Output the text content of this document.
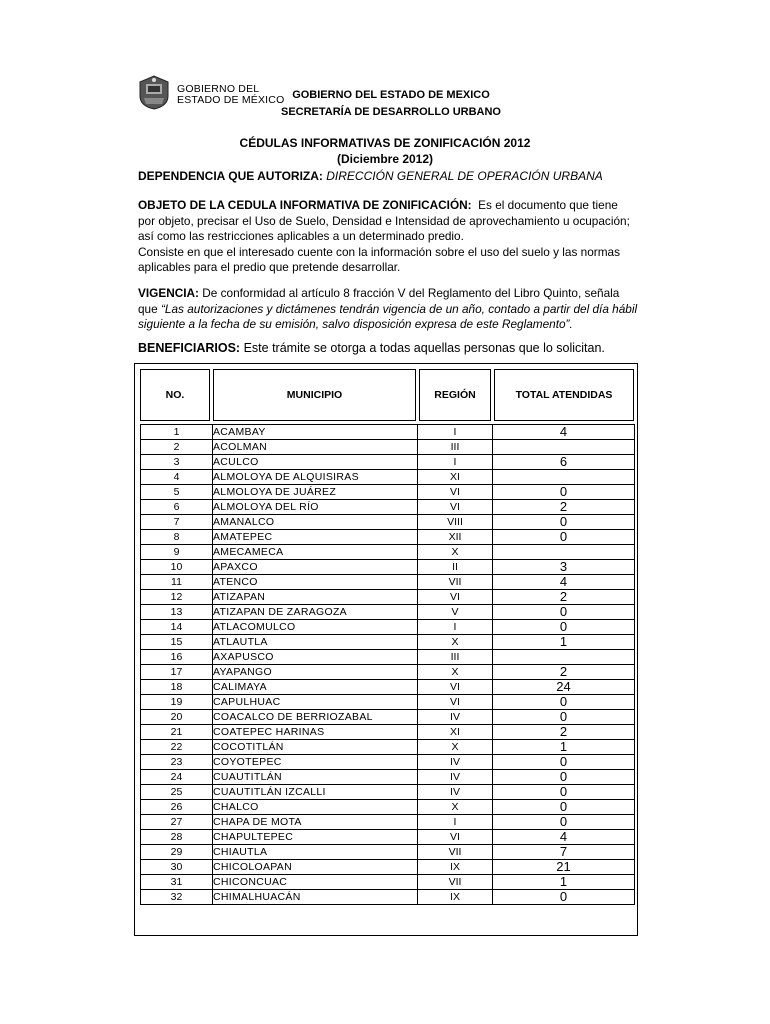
GOBIERNO DEL
ESTADO DE MÉXICO GOBIERNO DEL ESTADO DE MEXICO
SECRETARÍA DE DESARROLLO URBANO
CÉDULAS INFORMATIVAS DE ZONIFICACIÓN 2012
(Diciembre 2012)
DEPENDENCIA QUE AUTORIZA: DIRECCIÓN GENERAL DE OPERACIÓN URBANA
OBJETO DE LA CEDULA INFORMATIVA DE ZONIFICACIÓN: Es el documento que tiene por objeto, precisar el Uso de Suelo, Densidad e Intensidad de aprovechamiento u ocupación; así como las restricciones aplicables a un determinado predio.
Consiste en que el interesado cuente con la información sobre el uso del suelo y las normas aplicables para el predio que pretende desarrollar.
VIGENCIA: De conformidad al artículo 8 fracción V del Reglamento del Libro Quinto, señala que “Las autorizaciones y dictámenes tendrán vigencia de un año, contado a partir del día hábil siguiente a la fecha de su emisión, salvo disposición expresa de este Reglamento”.
BENEFICIARIOS: Este trámite se otorga a todas aquellas personas que lo solicitan.
NO.	MUNICIPIO	REGIÓN	TOTAL ATENDIDAS
1	ACAMBAY	I	4
2	ACOLMAN	III	
3	ACULCO	I	6
4	ALMOLOYA DE ALQUISIRAS	XI	
5	ALMOLOYA DE JUÁREZ	VI	0
6	ALMOLOYA DEL RÍO	VI	2
7	AMANALCO	VIII	0
8	AMATEPEC	XII	0
9	AMECAMECA	X	
10	APAXCO	II	3
11	ATENCO	VII	4
12	ATIZAPAN	VI	2
13	ATIZAPAN DE ZARAGOZA	V	0
14	ATLACOMULCO	I	0
15	ATLAUTLA	X	1
16	AXAPUSCO	III	
17	AYAPANGO	X	2
18	CALIMAYA	VI	24
19	CAPULHUAC	VI	0
20	COACALCO DE BERRIOZABAL	IV	0
21	COATEPEC HARINAS	XI	2
22	COCOTITLÁN	X	1
23	COYOTEPEC	IV	0
24	CUAUTITLÁN	IV	0
25	CUAUTITLÁN IZCALLI	IV	0
26	CHALCO	X	0
27	CHAPA DE MOTA	I	0
28	CHAPULTEPEC	VI	4
29	CHIAUTLA	VII	7
30	CHICOLOAPAN	IX	21
31	CHICONCUAC	VII	1
32	CHIMALHUACÁN	IX	0
